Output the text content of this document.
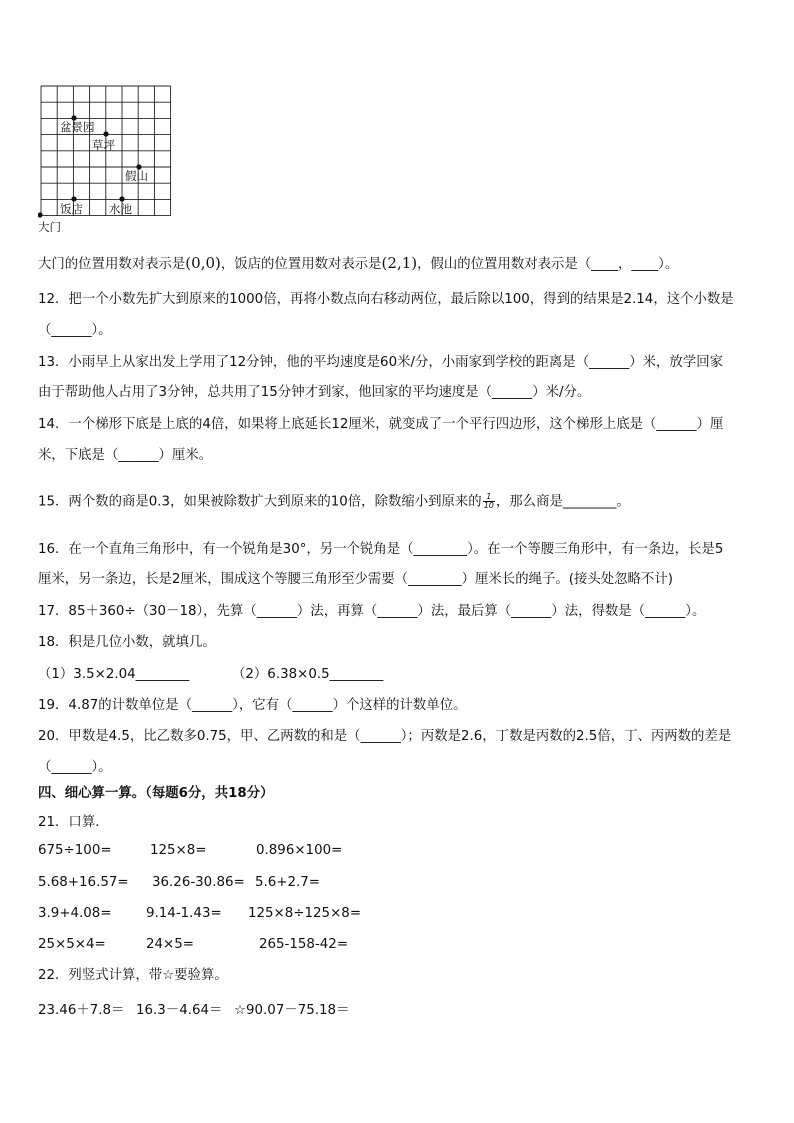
盆景园
草坪
假山
饭店 水池
大门
大门的位置用数对表示是(0,0)，饭店的位置用数对表示是(2,1)，假山的位置用数对表示是（____，____）。
12．把一个小数先扩大到原来的1000倍，再将小数点向右移动两位，最后除以100，得到的结果是2.14，这个小数是
（______）。
13．小雨早上从家出发上学用了12分钟，他的平均速度是60米/分，小雨家到学校的距离是（______）米，放学回家
由于帮助他人占用了3分钟，总共用了15分钟才到家，他回家的平均速度是（______）米/分。
14．一个梯形下底是上底的4倍，如果将上底延长12厘米，就变成了一个平行四边形，这个梯形上底是（______）厘
米，下底是（______）厘米。
15．两个数的商是0.3，如果被除数扩大到原来的10倍，除数缩小到原来的 $\frac{1}{10}$ ，那么商是________。
16．在一个直角三角形中，有一个锐角是30°，另一个锐角是（________）。在一个等腰三角形中，有一条边，长是5
厘米，另一条边，长是2厘米，围成这个等腰三角形至少需要（________）厘米长的绳子。(接头处忽略不计)
17．85＋360÷（30－18），先算（______）法，再算（______）法，最后算（______）法，得数是（______）。
18．积是几位小数，就填几。
（1）3.5×2.04________	（2）6.38×0.5________
19．4.87的计数单位是（______），它有（______）个这样的计数单位。
20．甲数是4.5，比乙数多0.75，甲、乙两数的和是（______）；丙数是2.6，丁数是丙数的2.5倍，丁、丙两数的差是
（______）。
四、细心算一算。（每题6分，共18分）
21．口算．
675÷100=	125×8=	0.896×100=
5.68+16.57= 36.26-30.86= 5.6+2.7=
3.9+4.08=	9.14-1.43= 125×8÷125×8=
25×5×4=	24×5=	265-158-42=
22．列竖式计算，带☆要验算。
23.46＋7.8＝ 16.3－4.64＝ ☆90.07－75.18＝
